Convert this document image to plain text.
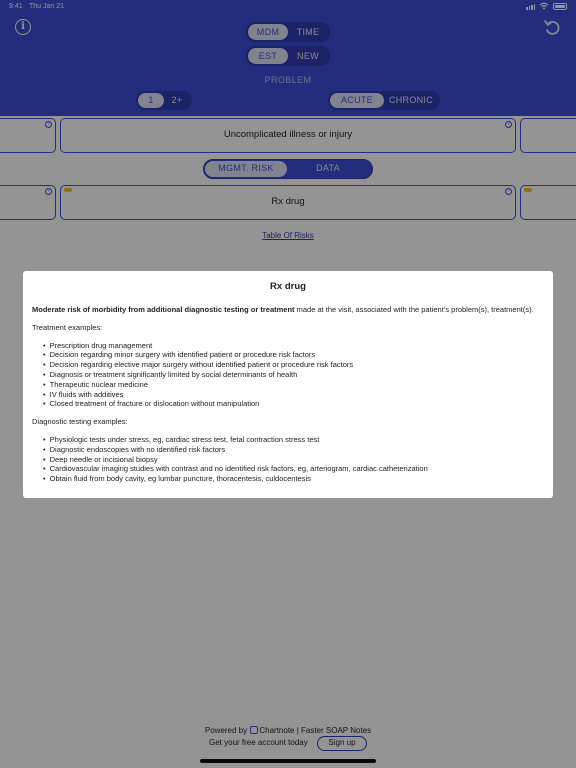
9:41 Thu Jan 21
i	MDM	TIME
EST	NEW
PROBLEM
1	2+	ACUTE	CHRONIC
?
Uncomplicated illness or injury
?
MGMT. RISK	DATA
?
Rx drug
?
Table Of Risks
Powered by Chartnote | Faster SOAP Notes
Get your free account today	Sign up
Rx drug

Moderate risk of morbidity from additional diagnostic testing or treatment made at the visit, associated with the patient’s problem(s), treatment(s).

Treatment examples:

• Prescription drug management
• Decision regarding minor surgery with identified patient or procedure risk factors
• Decision regarding elective major surgery without identified patient or procedure risk factors
• Diagnosis or treatment significantly limited by social determinants of health
• Therapeutic nuclear medicine
• IV fluids with additives
• Closed treatment of fracture or dislocation without manipulation

Diagnostic testing examples:

• Physiologic tests under stress, eg, cardiac stress test, fetal contraction stress test
• Diagnostic endoscopies with no identified risk factors
• Deep needle or incisional biopsy
• Cardiovascular imaging studies with contrast and no identified risk factors, eg, arteriogram, cardiac catheterization
• Obtain fluid from body cavity, eg lumbar puncture, thoracentesis, culdocentesis
